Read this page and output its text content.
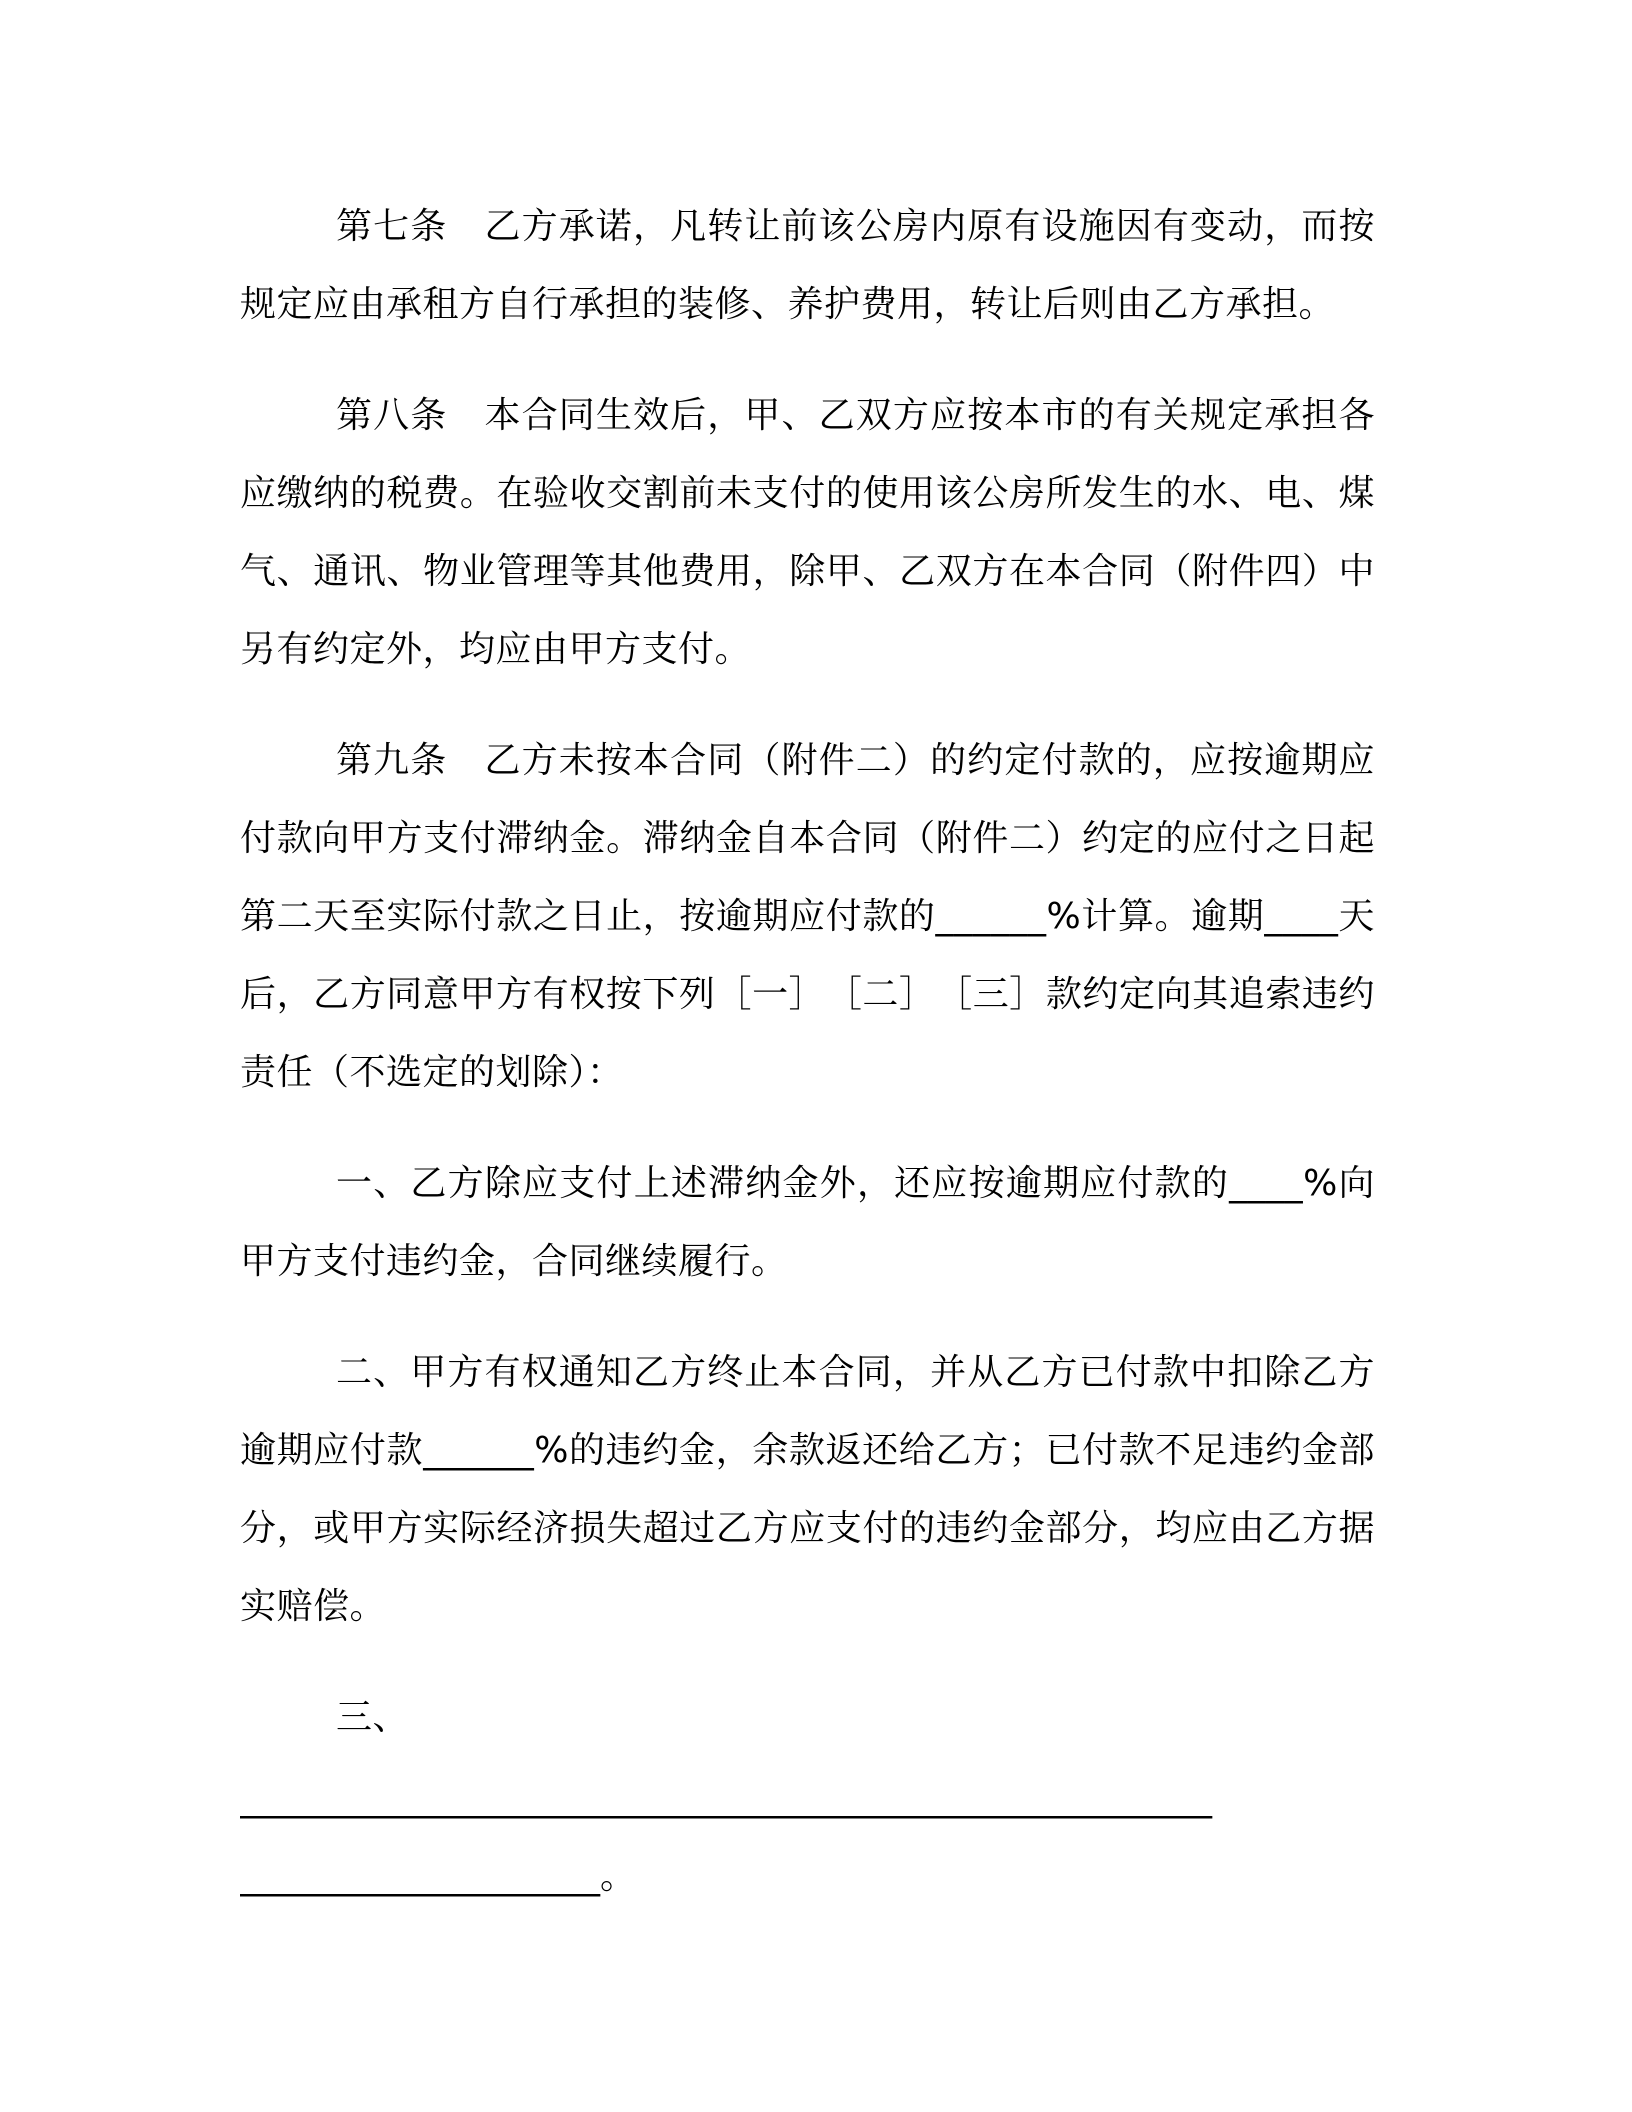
第七条　乙方承诺，凡转让前该公房内原有设施因有变动，而按规定应由承租方自行承担的装修、养护费用，转让后则由乙方承担。

第八条　本合同生效后，甲、乙双方应按本市的有关规定承担各应缴纳的税费。在验收交割前未支付的使用该公房所发生的水、电、煤气、通讯、物业管理等其他费用，除甲、乙双方在本合同（附件四）中另有约定外，均应由甲方支付。

第九条　乙方未按本合同（附件二）的约定付款的，应按逾期应付款向甲方支付滞纳金。滞纳金自本合同（附件二）约定的应付之日起第二天至实际付款之日止，按逾期应付款的______%计算。逾期____天后，乙方同意甲方有权按下列［一］　［二］　［三］款约定向其追索违约责任（不选定的划除）：

一、乙方除应支付上述滞纳金外，还应按逾期应付款的____%向甲方支付违约金，合同继续履行。

二、甲方有权通知乙方终止本合同，并从乙方已付款中扣除乙方逾期应付款______%的违约金，余款返还给乙方；已付款不足违约金部分，或甲方实际经济损失超过乙方应支付的违约金部分，均应由乙方据实赔偿。

三、

______________________________________________________
____________________。
